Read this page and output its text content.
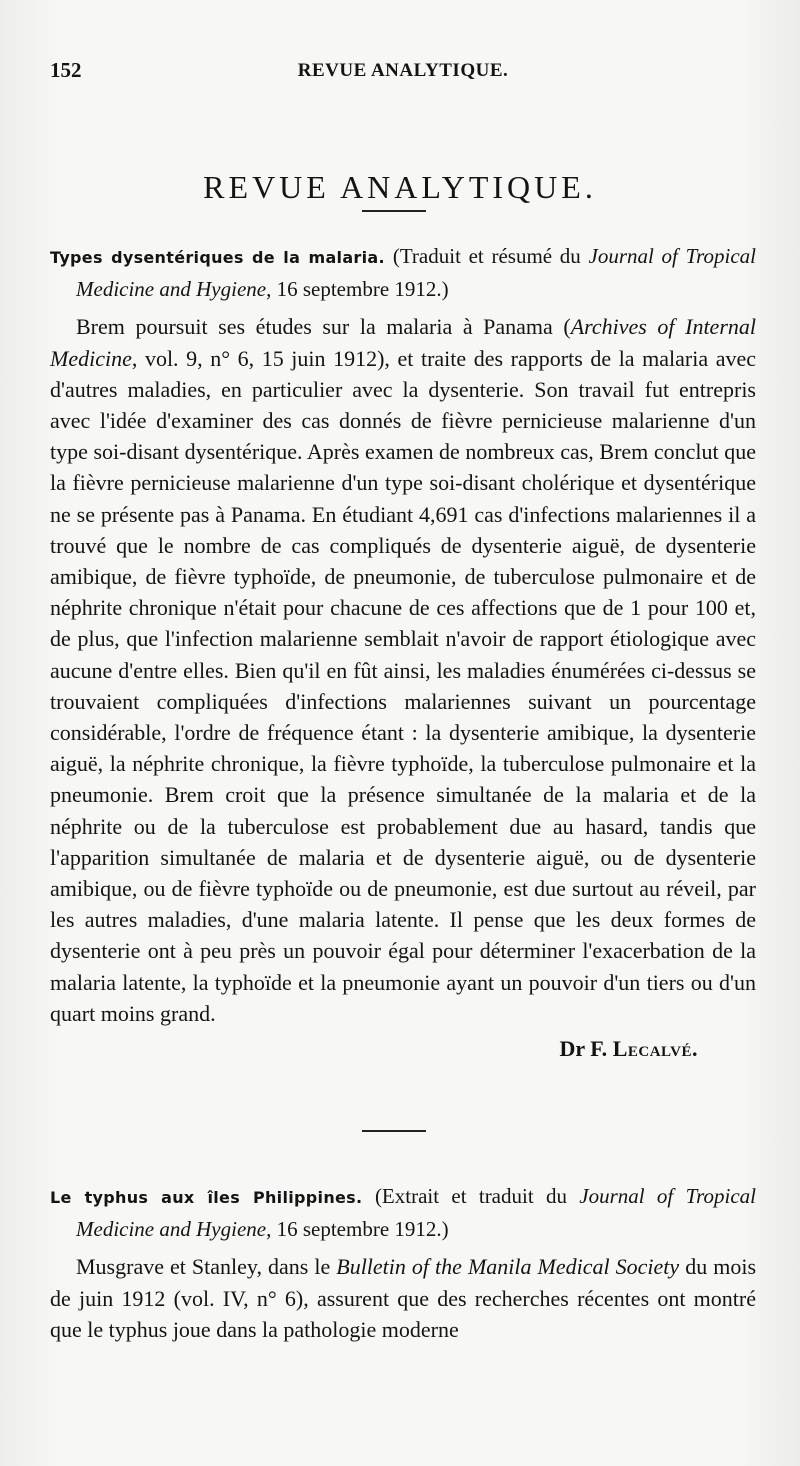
152	REVUE ANALYTIQUE.
REVUE ANALYTIQUE.

Types dysentériques de la malaria. (Traduit et résumé du Journal of Tropical Medicine and Hygiene, 16 septembre 1912.)

Brem poursuit ses études sur la malaria à Panama (Archives of Internal Medicine, vol. 9, n° 6, 15 juin 1912), et traite des rapports de la malaria avec d'autres maladies, en particulier avec la dysenterie. Son travail fut entrepris avec l'idée d'examiner des cas donnés de fièvre pernicieuse malarienne d'un type soi-disant dysentérique. Après examen de nombreux cas, Brem conclut que la fièvre pernicieuse malarienne d'un type soi-disant cholérique et dysentérique ne se présente pas à Panama. En étudiant 4,691 cas d'infections malariennes il a trouvé que le nombre de cas compliqués de dysenterie aiguë, de dysenterie amibique, de fièvre typhoïde, de pneumonie, de tuberculose pulmonaire et de néphrite chronique n'était pour chacune de ces affections que de 1 pour 100 et, de plus, que l'infection malarienne semblait n'avoir de rapport étiologique avec aucune d'entre elles. Bien qu'il en fût ainsi, les maladies énumérées ci-dessus se trouvaient compliquées d'infections malariennes suivant un pourcentage considérable, l'ordre de fréquence étant : la dysenterie amibique, la dysenterie aiguë, la néphrite chronique, la fièvre typhoïde, la tuberculose pulmonaire et la pneumonie. Brem croit que la présence simultanée de la malaria et de la néphrite ou de la tuberculose est probablement due au hasard, tandis que l'apparition simultanée de malaria et de dysenterie aiguë, ou de dysenterie amibique, ou de fièvre typhoïde ou de pneumonie, est due surtout au réveil, par les autres maladies, d'une malaria latente. Il pense que les deux formes de dysenterie ont à peu près un pouvoir égal pour déterminer l'exacerbation de la malaria latente, la typhoïde et la pneumonie ayant un pouvoir d'un tiers ou d'un quart moins grand.

Dr F. Lecalvé.

Le typhus aux îles Philippines. (Extrait et traduit du Journal of Tropical Medicine and Hygiene, 16 septembre 1912.)

Musgrave et Stanley, dans le Bulletin of the Manila Medical Society du mois de juin 1912 (vol. IV, n° 6), assurent que des recherches récentes ont montré que le typhus joue dans la pathologie moderne
